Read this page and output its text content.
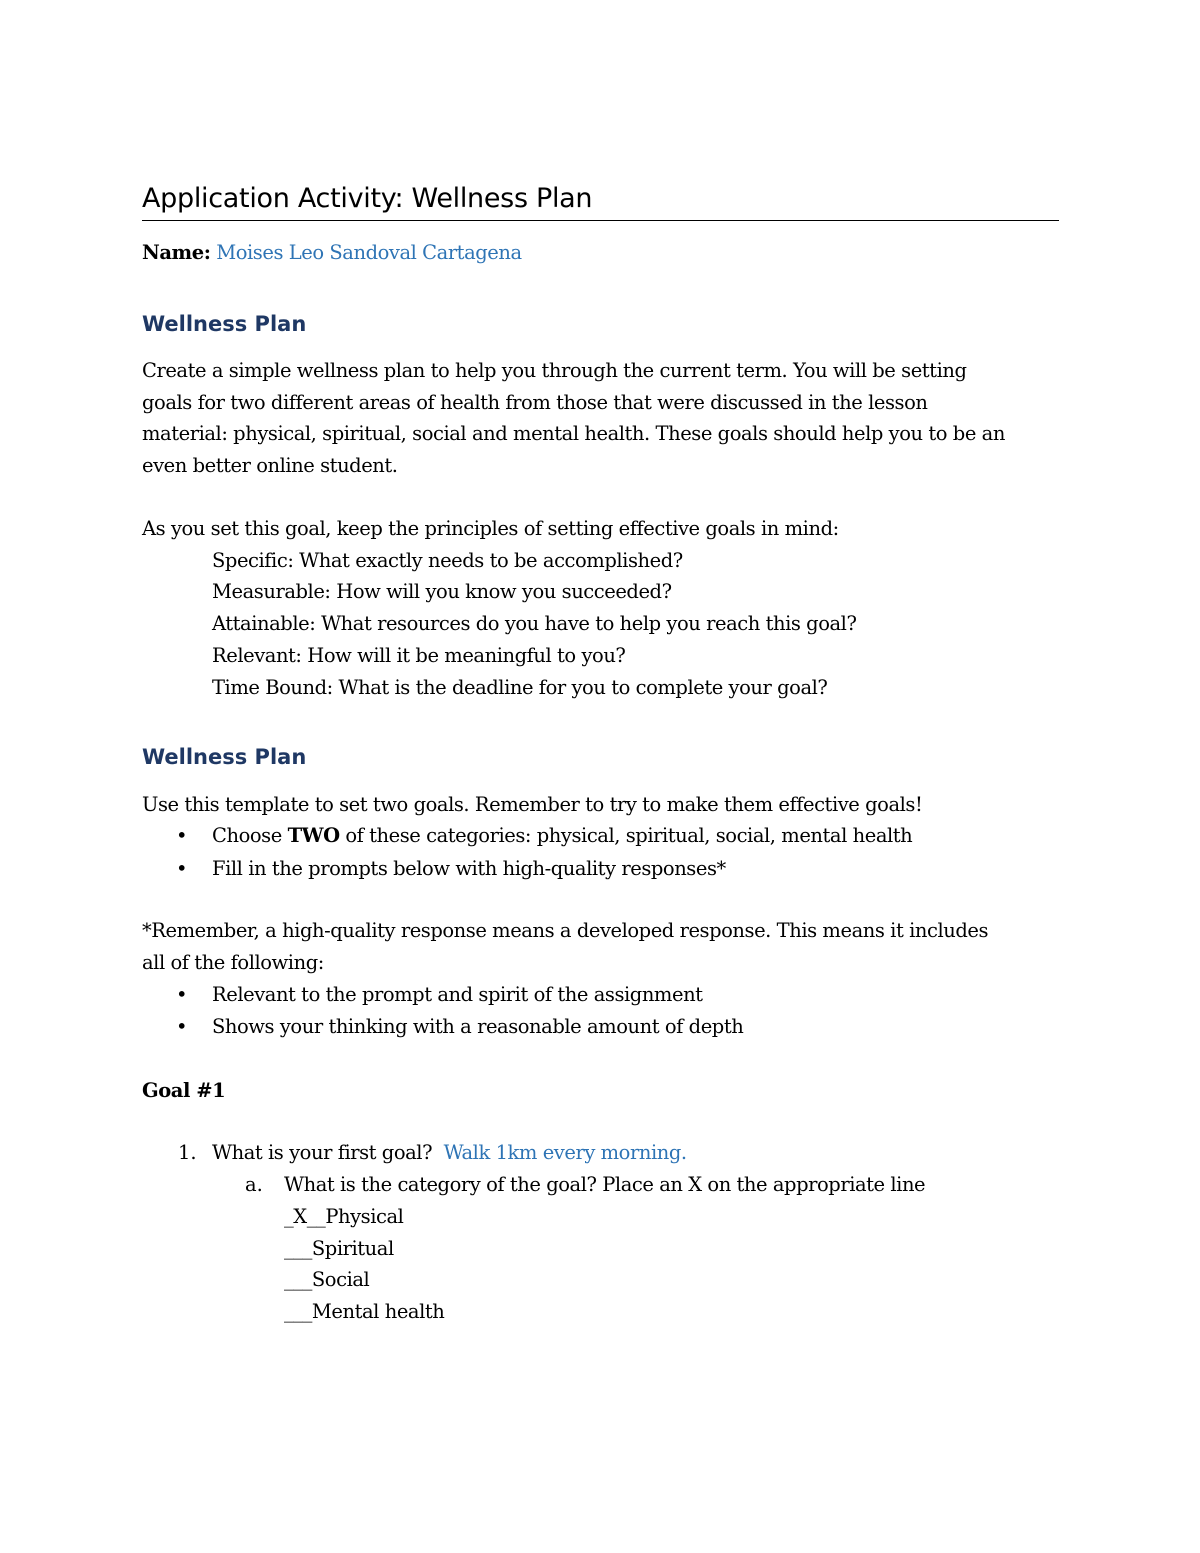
Application Activity: Wellness Plan
Name: Moises Leo Sandoval Cartagena
Wellness Plan
Create a simple wellness plan to help you through the current term. You will be setting
goals for two different areas of health from those that were discussed in the lesson
material: physical, spiritual, social and mental health. These goals should help you to be an
even better online student.
As you set this goal, keep the principles of setting effective goals in mind:
Specific: What exactly needs to be accomplished?
Measurable: How will you know you succeeded?
Attainable: What resources do you have to help you reach this goal?
Relevant: How will it be meaningful to you?
Time Bound: What is the deadline for you to complete your goal?
Wellness Plan
Use this template to set two goals. Remember to try to make them effective goals!
• Choose TWO of these categories: physical, spiritual, social, mental health
• Fill in the prompts below with high-quality responses*
*Remember, a high-quality response means a developed response. This means it includes
all of the following:
• Relevant to the prompt and spirit of the assignment
• Shows your thinking with a reasonable amount of depth
Goal #1
1. What is your first goal? Walk 1km every morning.
a. What is the category of the goal? Place an X on the appropriate line
_X__Physical
___Spiritual
___Social
___Mental health
